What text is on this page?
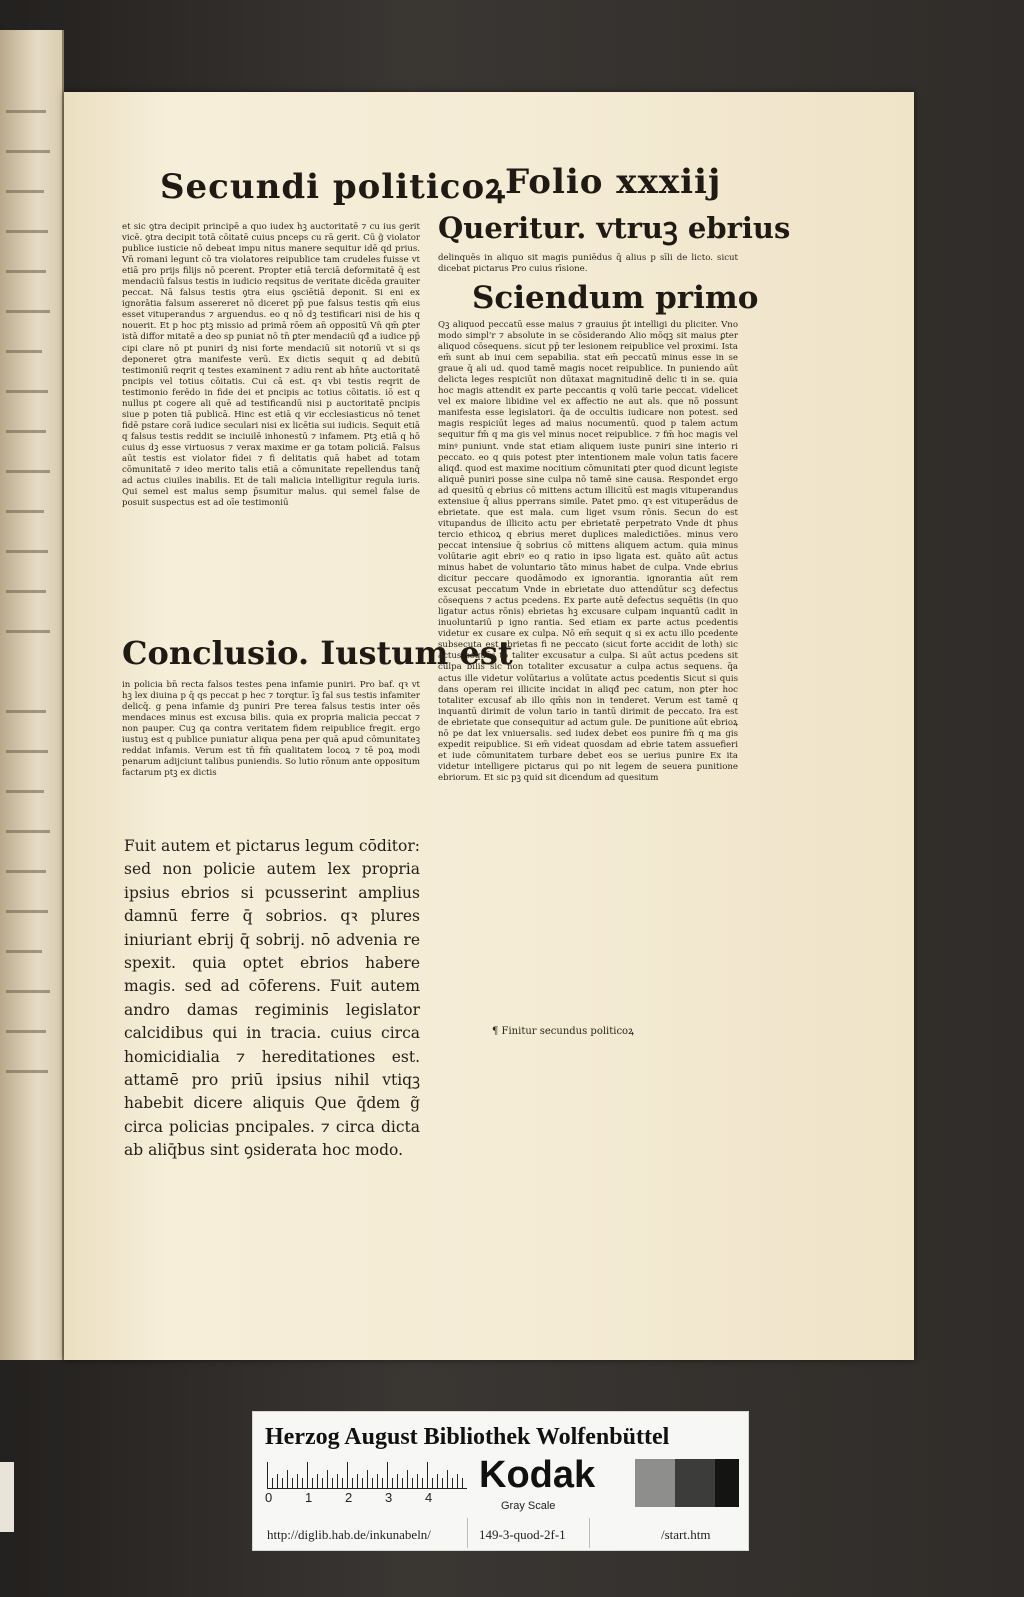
Secundi politicoꝝ Folio xxxiij
et sic ꝯtra decipit principē a quo iudex hꝫ auctoritatē ⁊ cu ius gerit vicē. ꝯtra decipit totā cōitatē cuius pnceps cu rā gerit. Cū g̃ violator publice iusticie nō debeat impu nitus manere sequitur idē qd prius. Vn̄ romani legunt cō tra violatores reipublice tam crudeles fuisse vt etiā pro prijs filijs nō pcerent. Propter etiā terciā deformitatē q̄ est mendaciū falsus testis in iudicio reqsitus de veritate dicēda grauiter peccat. Nā falsus testis ꝯtra eius ꝯsciētiā deponit. Si eni ex ignorātia falsum assereret nō diceret pp̄ pue falsus testis qm̄ eius esset vituperandus ⁊ arguendus. eo q nō dꝫ testificari nisi de his q nouerit. Et p hoc ptꝫ missio ad primā rōem an̄ oppositū Vn̄ qm̄ ꝑter istā diffor mitatē a deo sp puniat nō tn̄ ꝑter mendaciū qđ a iudice pp̄ cipi clare nō pt puniri dꝫ nisi forte mendaciū sit notoriū vt si qs deponeret ꝯtra manifeste verū. Ex dictis sequit q ad debitū testimoniū reqrit q testes examinent ⁊ adiu rent ab hn̄te auctoritatē pncipis vel totius cōitatis. Cui cā est. qꝛ vbi testis reqrit de testimonio ferēdo in fide dei et pncipis ac totius cōitatis. iō est q nullus pt cogere ali quē ad testificandū nisi p auctoritatē pncipis siue p poten tiā publicā. Hinc est etiā q vir ecclesiasticus nō tenet fidē pstare corā iudice seculari nisi ex licētia sui iudicis. Sequit etiā q falsus testis reddit se inciuilē inhonestū ⁊ infamem. Ptꝫ etiā q hō cuius dꝫ esse virtuosus ⁊ verax maxime er ga totam policiā. Falsus aūt testis est violator fidei ⁊ fi delitatis quā habet ad totam cōmunitatē ⁊ ideo merito talis etiā a cōmunitate repellendus tanq̄ ad actus ciuiles inabilis. Et de tali malicia intelligitur regula iuris. Qui semel est malus semp p̄sumitur malus. qui semel false de posuit suspectus est ad oīe testimoniū
Conclusio. Iustum est
in policia bn̄ recta falsos testes pena infamie puniri. Pro baf. qꝛ vt hꝫ lex diuina p q̄ qs peccat p hec ⁊ torqtur. īꝫ fal sus testis infamiter delicq̄. g pena infamie dꝫ puniri Pre terea falsus testis inter oēs mendaces minus est excusa bilis. quia ex propria malicia peccat ⁊ non pauper. Cuꝫ qa contra veritatem fidem reipublice fregit. ergo iustuꝫ est q publice puniatur aliqua pena per quā apud cōmunitateꝫ reddat infamis. Verum est tn̄ fm̄ qualitatem locoꝝ ⁊ tē poꝝ modi penarum adijciunt talibus puniendis. So lutio rōnum ante oppositum factarum ptꝫ ex dictis
Fuit autem et pictarus legum cōditor: sed non policie autem lex propria ipsius ebrios si pcusserint amplius damnū ferre q̄ sobrios. qꝛ plures iniuriant ebrij q̄ sobrij. nō advenia re spexit. quia optet ebrios habere magis. sed ad cōferens. Fuit autem andro damas regiminis legislator calcidibus qui in tracia. cuius circa homicidialia ⁊ hereditationes est. attamē pro priū ipsius nihil vtiqꝫ habebit dicere aliquis Que q̄dem g̃ circa policias pncipales. ⁊ circa dicta ab aliq̄bus sint ꝯsiderata hoc modo.
Queritur. vtruꝫ ebrius
delinquēs in aliquo sit magis puniēdus q̄ alius p sīli de licto. sicut dicebat pictarus Pro cuius rīsione.
Sciendum primo
Qꝫ aliquod peccatū esse maius ⁊ grauius p̄t intelligi du pliciter. Vno modo simpl'r ⁊ absolute in se cōsiderando Alio mōqꝫ sit maius ꝑter aliquod cōsequens. sicut pp̄ ter lesionem reipublice vel proximi. Ista em̄ sunt ab inui cem sepabilia. stat em̄ peccatū minus esse in se graue q̄ ali ud. quod tamē magis nocet reipublice. In puniendo aūt delicta leges respiciūt non dūtaxat magnitudinē delic ti in se. quia hoc magis attendit ex parte peccantis q volū tarie peccat. videlicet vel ex maiore libidine vel ex affectio ne aut als. que nō possunt manifesta esse legislatori. q̄a de occultis iudicare non potest. sed magis respiciūt leges ad maius nocumentū. quod p talem actum sequitur fm̄ q ma gis vel minus nocet reipublice. ⁊ fm̄ hoc magis vel minꝰ puniunt. vnde stat etiam aliquem iuste puniri sine interio ri peccato. eo q quis potest pter intentionem male volun tatis facere aliqđ. quod est maxime nocitium cōmunitati ꝑter quod dicunt legiste aliquē puniri posse sine culpa nō tamē sine causa. Respondet ergo ad quesitū q ebrius cō mittens actum illicitū est magis vituperandus extensiue q̄ alius pperrans simile. Patet pmo. qꝛ est vituperādus de ebrietate. que est mala. cum liget vsum rōnis. Secun do est vitupandus de illicito actu per ebrietatē perpetrato Vnde dt phus tercio ethicoꝝ q ebrius meret duplices maledictiōes. minus vero peccat intensiue q̄ sobrius cō mittens aliquem actum. quia minus volūtarie agit ebriꝰ eo q ratio in ipso ligata est. quāto aūt actus minus habet de voluntario tāto minus habet de culpa. Vnde ebrius dicitur peccare quodāmodo ex ignorantia. ignorantia aūt rem excusat peccatum Vnde in ebrietate duo attendūtur scꝫ defectus cōsequens ⁊ actus pcedens. Ex parte autē defectus sequētis (in quo ligatur actus rōnis) ebrietas hꝫ excusare culpam inquantū cadit in inuoluntariū p igno rantia. Sed etiam ex parte actus pcedentis videtur ex cusare ex culpa. Nō em̄ sequit q si ex actu illo pcedente subsecuta est ebrietas fi ne peccato (sicut forte accidit de loth) sic actus sequēs to taliter excusatur a culpa. Si aūt actus pcedens sit culpa bilis sic non totaliter excusatur a culpa actus sequens. q̄a actus ille videtur volūtarius a volūtate actus pcedentis Sicut si quis dans operam rei illicite incidat in aliqđ pec catum, non ꝑter hoc totaliter excusaf ab illo qm̄is non in tenderet. Verum est tamē q inquantū dirimit de volun tario in tantū dirimit de peccato. Ira est de ebrietate que consequitur ad actum gule. De punitione aūt ebrioꝝ nō pe dat lex vniuersalis. sed iudex debet eos punire fm̄ q ma gis expedit reipublice. Si em̄ videat quosdam ad ebrie tatem assuefieri et iude cōmunitatem turbare debet eos se uerius punire Ex ita videtur intelligere pictarus qui po nit legem de seuera punitione ebriorum. Et sic pꝫ quid sit dicendum ad quesitum
¶ Finitur secundus politicoꝝ
Herzog August Bibliothek Wolfenbüttel
0	1	2	3	4
Kodak
Gray Scale
http://diglib.hab.de/inkunabeln/	149-3-quod-2f-1	/start.htm
